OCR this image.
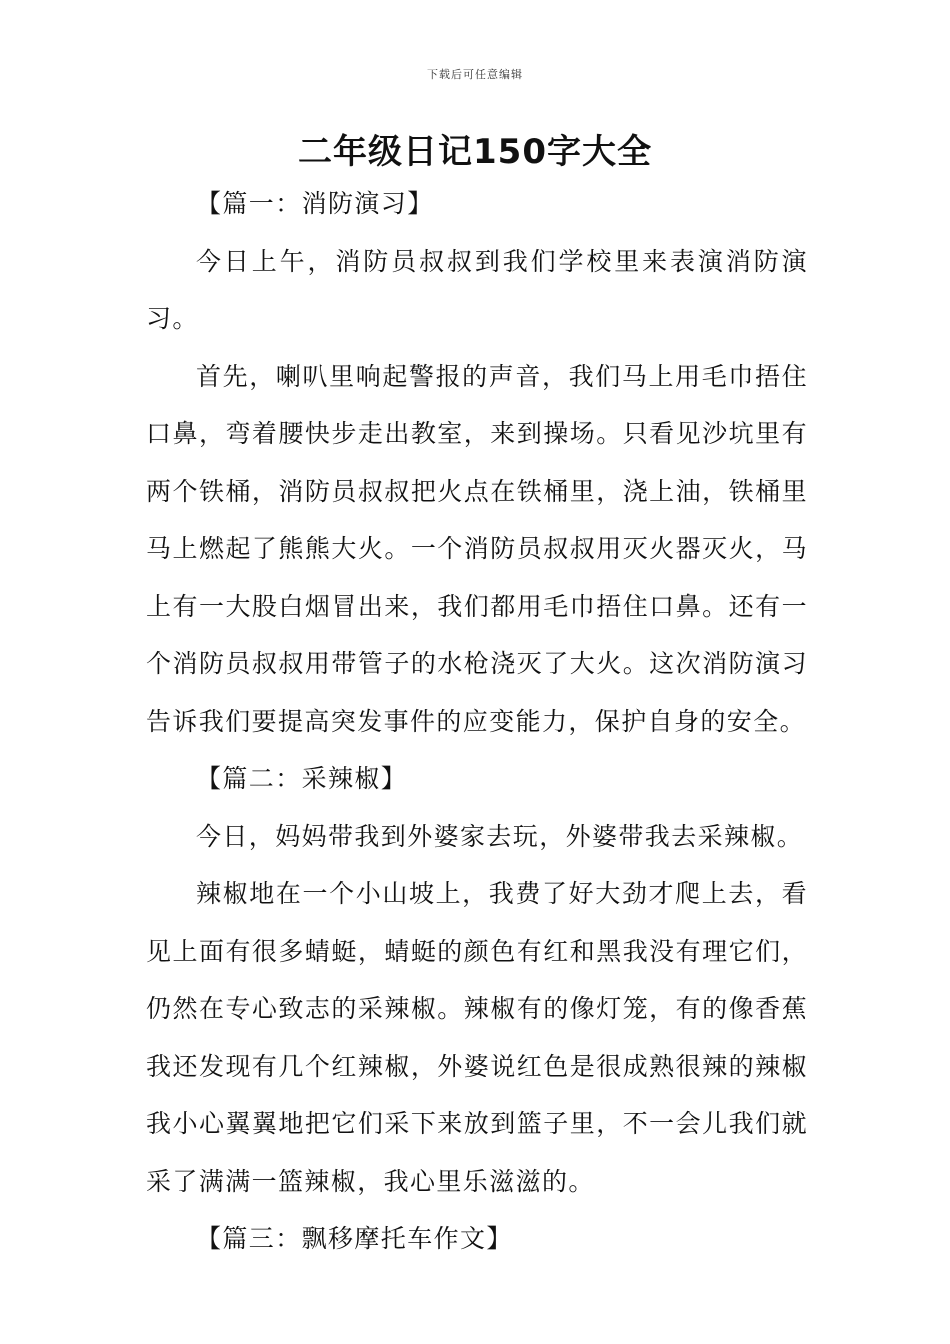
下载后可任意编辑
二年级日记150字大全

【篇一：消防演习】

今日上午，消防员叔叔到我们学校里来表演消防演习。

首先，喇叭里响起警报的声音，我们马上用毛巾捂住口鼻，弯着腰快步走出教室，来到操场。只看见沙坑里有两个铁桶，消防员叔叔把火点在铁桶里，浇上油，铁桶里马上燃起了熊熊大火。一个消防员叔叔用灭火器灭火，马上有一大股白烟冒出来，我们都用毛巾捂住口鼻。还有一个消防员叔叔用带管子的水枪浇灭了大火。这次消防演习告诉我们要提高突发事件的应变能力，保护自身的安全。

【篇二：采辣椒】

今日，妈妈带我到外婆家去玩，外婆带我去采辣椒。

辣椒地在一个小山坡上，我费了好大劲才爬上去，看见上面有很多蜻蜓，蜻蜓的颜色有红和黑我没有理它们，仍然在专心致志的采辣椒。辣椒有的像灯笼，有的像香蕉我还发现有几个红辣椒，外婆说红色是很成熟很辣的辣椒我小心翼翼地把它们采下来放到篮子里，不一会儿我们就采了满满一篮辣椒，我心里乐滋滋的。

【篇三：飘移摩托车作文】
